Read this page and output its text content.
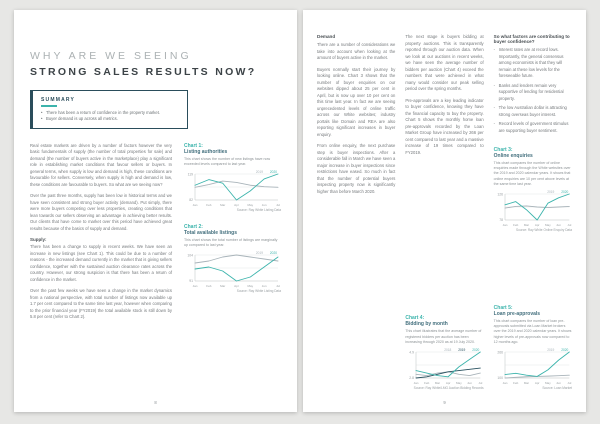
WHY ARE WE SEEING
STRONG SALES RESULTS NOW?
SUMMARY
• There has been a return of confidence in the property market.
• Buyer demand is up across all metrics.

Real estate markets are driven by a number of factors however the very basic fundamentals of supply (the number of total properties for sale) and demand (the number of buyers active in the marketplace) play a significant role in establishing market conditions that favour sellers or buyers. In general terms, when supply is low and demand is high, these conditions are favourable for sellers. Conversely, when supply is high and demand is low, these conditions are favourable to buyers. So what are we seeing now?

Over the past three months, supply has been low in historical terms and we have seen consistent and strong buyer activity (demand). Put simply, there were more buyers competing over less properties, creating conditions that lean towards our sellers observing an advantage in achieving better results. Our clients that have come to market over this period have achieved great results because of the basics of supply and demand.

Supply:

There has been a change to supply in recent weeks. We have seen an increase in new listings (see Chart 1). This could be due to a number of reasons - the increased demand currently in the market that is giving sellers confidence, together with the sustained auction clearance rates across the country. However, our strong suspicion is that there has been a return of confidence in the market.

Over the past few weeks we have seen a change in the market dynamics from a national perspective, with total number of listings now available up 1.7 per cent compared to the same time last year, however when comparing to the prior financial year (FY2019) the total available stock is still down by 5.8 per cent (refer to Chart 2).

Chart 1:
Listing authorities
This chart shows the number of new listings have now exceeded levels compared to last year.
119
82
Jan	Feb	Mar	Apr	May	Jun	Jul
2020
2019
Source: Ray White Listing Data
Chart 2:
Total available listings
This chart shows the total number of listings are marginally up compared to last year.
104
91
Jan	Feb	Mar	Apr	May	Jun	Jul
2020
2019
Source: Ray White Listing Data
8
Demand

There are a number of considerations we take into account when looking at the amount of buyers active in the market.

Buyers normally start their journey by looking online. Chart 3 shows that the number of buyer enquiries on our websites dipped about 25 per cent in April, but is now up over 10 per cent on this time last year. In fact we are seeing unprecedented levels of online traffic across our White websites; industry portals like Domain and REA are also reporting significant increases in buyer enquiry.

From online enquiry, the next purchase step is buyer inspections. After a considerable fall in March we have seen a major increase in buyer inspections since restrictions have eased. So much in fact that the number of potential buyers inspecting property now is significantly higher than before March 2020.

The next stage is buyers bidding at property auctions. This is transparently reported through our auction data. When we look at our auctions in recent weeks, we have seen the average number of bidders per auction (Chart 4) exceed the numbers that were achieved in what many would consider our peak selling period over the spring months.

Pre-approvals are a key leading indicator to buyer confidence, knowing they have the financial capacity to buy the property. Chart 5 shows the monthly home loan pre-approvals recorded by the Loan Market Group have increased by 266 per cent compared to last year and a massive increase of 19 times compared to FY2019.

Chart 4:
Bidding by month
This chart illustrates that the average number of registered bidders per auction has been increasing through 2020 as at 19 July 2020.
4.9
2.8
Jan Feb Mar Apr May Jun Jul
2020
2019
2018
Source: Ray White/LMG Auction Bidding Records
So what factors are contributing to buyer confidence?
- Interest rates are at record lows. Importantly, the general consensus among economists is that they will remain at these low levels for the foreseeable future.
- Banks and lenders remain very supportive of lending for residential property.
- The low Australian dollar is attracting strong overseas buyer interest.
- Record levels of government stimulus are supporting buyer sentiment.
Chart 3:
Online enquiries
This chart compares the number of online enquiries made through the White websites over the 2019 and 2020 calendar years. It shows that online enquiries are 10 per cent above levels at the same time last year.
126
78
Jan Feb Mar Apr May Jun Jul
2020
2019
Source: Ray White Online Enquiry Data
Chart 5:
Loan pre-approvals
This chart compares the number of loan pre-approvals submitted via Loan Market brokers over the 2019 and 2020 calendar years. It shows higher levels of pre-approvals now compared to 12 months ago.
266
100
Jan Feb Mar Apr May Jun Jul
2020
2019
Source: Loan Market
9
